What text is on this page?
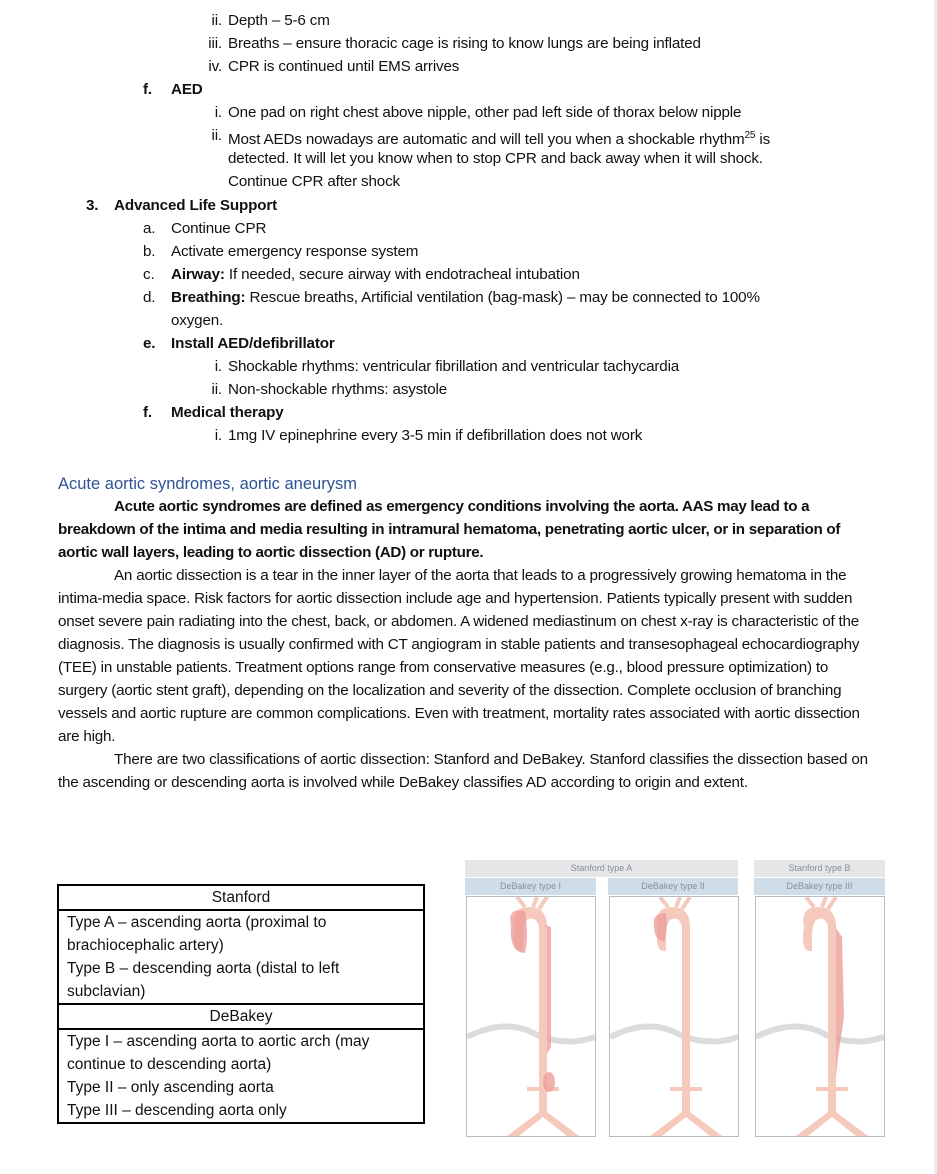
ii. Depth – 5-6 cm
iii. Breaths – ensure thoracic cage is rising to know lungs are being inflated
iv. CPR is continued until EMS arrives
f. AED
i. One pad on right chest above nipple, other pad left side of thorax below nipple
ii. Most AEDs nowadays are automatic and will tell you when a shockable rhythm$^{25}$ is
detected. It will let you know when to stop CPR and back away when it will shock.
Continue CPR after shock
3. Advanced Life Support
a. Continue CPR
b. Activate emergency response system
c. Airway: If needed, secure airway with endotracheal intubation
d. Breathing: Rescue breaths, Artificial ventilation (bag-mask) – may be connected to 100%
oxygen.
e. Install AED/defibrillator
i. Shockable rhythms: ventricular fibrillation and ventricular tachycardia
ii. Non-shockable rhythms: asystole
f. Medical therapy
i. 1mg IV epinephrine every 3-5 min if defibrillation does not work
Acute aortic syndromes, aortic aneurysm

Acute aortic syndromes are defined as emergency conditions involving the aorta. AAS may lead to a breakdown of the intima and media resulting in intramural hematoma, penetrating aortic ulcer, or in separation of aortic wall layers, leading to aortic dissection (AD) or rupture.

An aortic dissection is a tear in the inner layer of the aorta that leads to a progressively growing hematoma in the intima-media space. Risk factors for aortic dissection include age and hypertension. Patients typically present with sudden onset severe pain radiating into the chest, back, or abdomen. A widened mediastinum on chest x-ray is characteristic of the diagnosis. The diagnosis is usually confirmed with CT angiogram in stable patients and transesophageal echocardiography (TEE) in unstable patients. Treatment options range from conservative measures (e.g., blood pressure optimization) to surgery (aortic stent graft), depending on the localization and severity of the dissection. Complete occlusion of branching vessels and aortic rupture are common complications. Even with treatment, mortality rates associated with aortic dissection are high.

There are two classifications of aortic dissection: Stanford and DeBakey. Stanford classifies the dissection based on the ascending or descending aorta is involved while DeBakey classifies AD according to origin and extent.

Stanford

Type A – ascending aorta (proximal to
brachiocephalic artery)
Type B – descending aorta (distal to left
subclavian)

DeBakey

Type I – ascending aorta to aortic arch (may
continue to descending aorta)
Type II – only ascending aorta
Type III – descending aorta only
Stanford type A	Stanford type B
DeBakey type I	DeBakey type II	DeBakey type III
